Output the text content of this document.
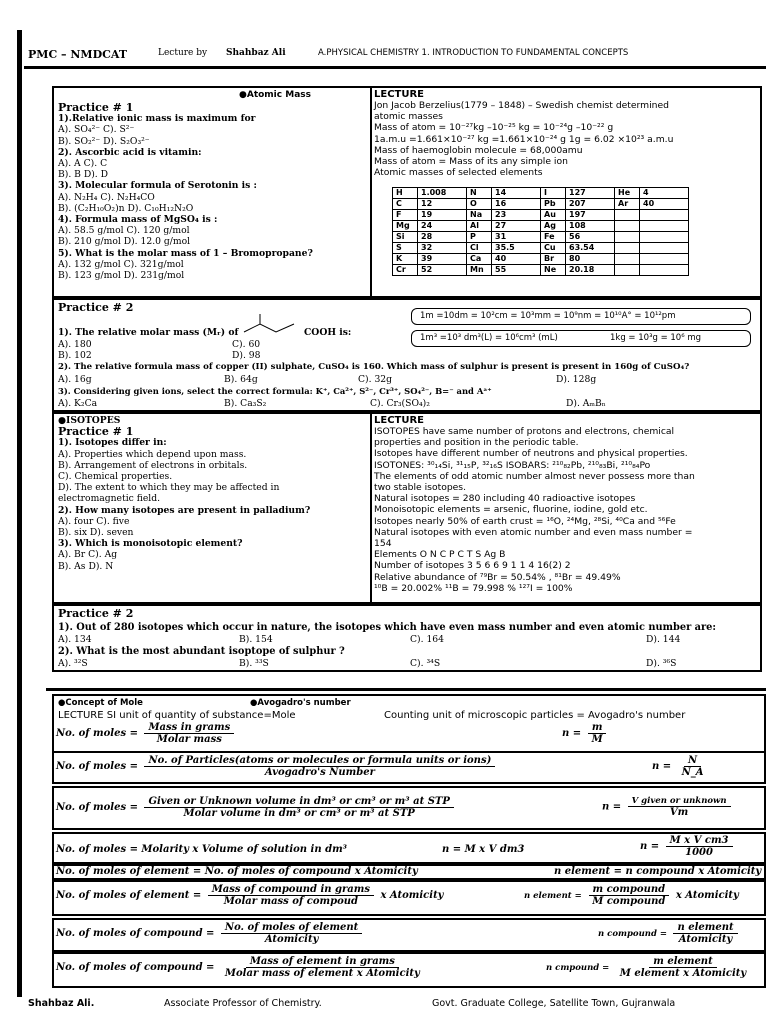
PMC – NMDCAT	Lecture by Shahbaz Ali	A.PHYSICAL CHEMISTRY 1. INTRODUCTION TO FUNDAMENTAL CONCEPTS
●Atomic Mass
Practice # 1
1).Relative ionic mass is maximum for
A). SO₄²⁻ C). S²⁻
B). SO₂²⁻ D). S₂O₃²⁻
2). Ascorbic acid is vitamin:
A). A C). C
B). B D). D
3). Molecular formula of Serotonin is :
A). N₂H₄ C). N₂H₄CO
B). (C₂H₁₀O₂)n D). C₁₀H₁₂N₂O
4). Formula mass of MgSO₄ is :
A). 58.5 g/mol C). 120 g/mol
B). 210 g/mol D). 12.0 g/mol
5). What is the molar mass of 1 – Bromopropane?
A). 132 g/mol C). 321g/mol
B). 123 g/mol D). 231g/mol
LECTURE
Jon Jacob Berzelius(1779 – 1848) – Swedish chemist determined
atomic masses
Mass of atom = 10⁻²⁷kg –10⁻²⁵ kg = 10⁻²⁴g –10⁻²² g
1a.m.u =1.661×10⁻²⁷ kg =1.661×10⁻²⁴ g 1g = 6.02 ×10²³ a.m.u
Mass of haemoglobin molecule = 68,000amu
Mass of atom = Mass of its any simple ion
Atomic masses of selected elements
H	1.008	N	14	I	127	He	4
C	12	O	16	Pb	207	Ar	40
F	19	Na	23	Au	197		
Mg	24	Al	27	Ag	108		
Si	28	P	31	Fe	56		
S	32	Cl	35.5	Cu	63.54		
K	39	Ca	40	Br	80		
Cr	52	Mn	55	Ne	20.18		
Practice # 2
1m =10dm = 10²cm = 10³mm = 10⁹nm = 10¹⁰A° = 10¹²pm
1m³ =10³ dm³(L) = 10⁶cm³ (mL)	1kg = 10³g = 10⁶ mg
1). The relative molar mass (Mᵣ) of	COOH is:
A). 180	C). 60
B). 102	D). 98
2). The relative formula mass of copper (II) sulphate, CuSO₄ is 160. Which mass of sulphur is present is present in 160g of CuSO₄?
A). 16g	B). 64g	C). 32g	D). 128g
3). Considering given ions, select the correct formula: K⁺, Ca²⁺, S²⁻, Cr³⁺, SO₄²⁻, B=⁻ and Aᵃ⁺
A). K₂Ca	B). Ca₃S₂	C). Cr₃(SO₄)₂	D). AₘBₙ
●ISOTOPES
Practice # 1
1). Isotopes differ in:
A). Properties which depend upon mass.
B). Arrangement of electrons in orbitals.
C). Chemical properties.
D). The extent to which they may be affected in
electromagnetic field.
2). How many isotopes are present in palladium?
A). four C). five
B). six D). seven
3). Which is monoisotopic element?
A). Br C). Ag
B). As D). N
LECTURE
ISOTOPES have same number of protons and electrons, chemical
properties and position in the periodic table.
Isotopes have different number of neutrons and physical properties.
ISOTONES: ³⁰₁₄Si, ³¹₁₅P, ³²₁₆S ISOBARS: ²¹⁰₈₂Pb, ²¹⁰₈₃Bi, ²¹⁰₈₄Po
The elements of odd atomic number almost never possess more than
two stable isotopes.
Natural isotopes = 280 including 40 radioactive isotopes
Monoisotopic elements = arsenic, fluorine, iodine, gold etc.
Isotopes nearly 50% of earth crust = ¹⁶O, ²⁴Mg, ²⁸Si, ⁴⁰Ca and ⁵⁶Fe
Natural isotopes with even atomic number and even mass number =
154
Elements O N C P C T S Ag B
Number of isotopes 3 5 6 6 9 1 1 4 16(2) 2
Relative abundance of ⁷⁹Br = 50.54% , ⁸¹Br = 49.49%
¹⁰B = 20.002% ¹¹B = 79.998 % ¹²⁷I = 100%
Practice # 2
1). Out of 280 isotopes which occur in nature, the isotopes which have even mass number and even atomic number are:
A). 134	B). 154	C). 164	D). 144
2). What is the most abundant isoptope of sulphur ?
A). ³²S	B). ³³S	C). ³⁴S	D). ³⁶S
●Concept of Mole	●Avogadro's number
LECTURE SI unit of quantity of substance=Mole	Counting unit of microscopic particles = Avogadro's number
No. of moles = $\frac{\text{Mass in grams}}{\text{Molar mass}}$	$n = \frac{m}{M}$
No. of moles =
No. of Particles(atoms or molecules or formula units or ions)
Avogadro's Number
$n = \frac{N}{N\_A}$
No. of moles = $\frac{\text{Given or Unknown volume in dm³ or cm³ or m³ at STP}}{\text{Molar volume in dm³ or cm³ or m³ at STP}}$	$n = \frac{\text{V given or unknown}}{Vm}$
No. of moles = Molarity x Volume of solution in dm³	n = M x V dm3	$n = \frac{\text{M x V cm3}}{1000}$
No. of moles of element = No. of moles of compound x Atomicity	n element = n compound x Atomicity
No. of moles of element = $\frac{\text{Mass of compound in grams}}{\text{Molar mass of compoud}}$ x Atomicity	n element = $\frac{\text{m compound}}{\text{M compound}}$ x Atomicity
No. of moles of compound = $\frac{\text{No. of moles of element}}{\text{Atomicity}}$	n compound = $\frac{\text{n element}}{\text{Atomicity}}$
No. of moles of compound = $\frac{\text{Mass of element in grams}}{\text{Molar mass of element x Atomicity}}$	n cmpound = $\frac{\text{m element}}{\text{M element x Atomicity}}$
Shahbaz Ali.	Associate Professor of Chemistry.	Govt. Graduate College, Satellite Town, Gujranwala
